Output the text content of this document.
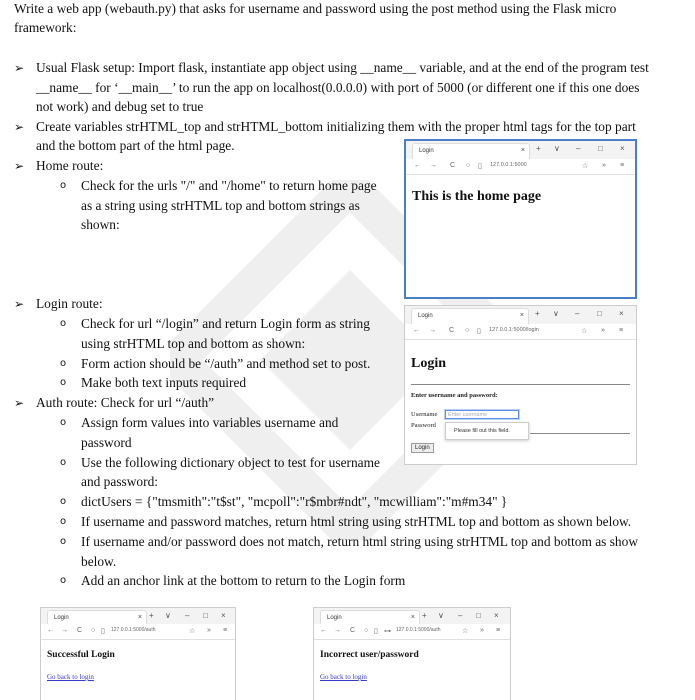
Write a web app (webauth.py) that asks for username and password using the post method using the Flask micro
framework:
➢ Usual Flask setup: Import flask, instantiate app object using __name__ variable, and at the end of the program test
__name__ for ‘__main__’ to run the app on localhost(0.0.0.0) with port of 5000 (or different one if this one does
not work) and debug set to true
➢ Create variables strHTML_top and strHTML_bottom initializing them with the proper html tags for the top part
and the bottom part of the html page.
➢ Home route:
o Check for the urls "/" and "/home" to return home page
as a string using strHTML top and bottom strings as
shown:
Login	× + ∨ – □ ×
← → C ○ ▯ 127.0.0.1:5000	☆ » ≡
This is the home page
➢ Login route:
o Check for url “/login” and return Login form as string
using strHTML top and bottom as shown:
o Form action should be “/auth” and method set to post.
o Make both text inputs required
Login	× + ∨ – □ ×
← → C ○ ▯ 127.0.0.1:5000/login	☆ » ≡
Login
Enter username and password:
Username	Enter username
Password
Please fill out this field.
Login
➢ Auth route: Check for url “/auth”
o Assign form values into variables username and
password
o Use the following dictionary object to test for username
and password:
o dictUsers = {"tmsmith":"t$st", "mcpoll":"r$mbr#ndt", "mcwilliam":"m#m34" }
o If username and password matches, return html string using strHTML top and bottom as shown below.
o If username and/or password does not match, return html string using strHTML top and bottom as show
below.
o Add an anchor link at the bottom to return to the Login form
Login	× + ∨ – □ ×
← → C ○ ▯ 127.0.0.1:5000/auth	☆ » ≡
Successful Login
Go back to login
Login	× + ∨ – □ ×
← → C ○ ▯ ⊶ 127.0.0.1:5000/auth	☆ » ≡
Incorrect user/password
Go back to login
